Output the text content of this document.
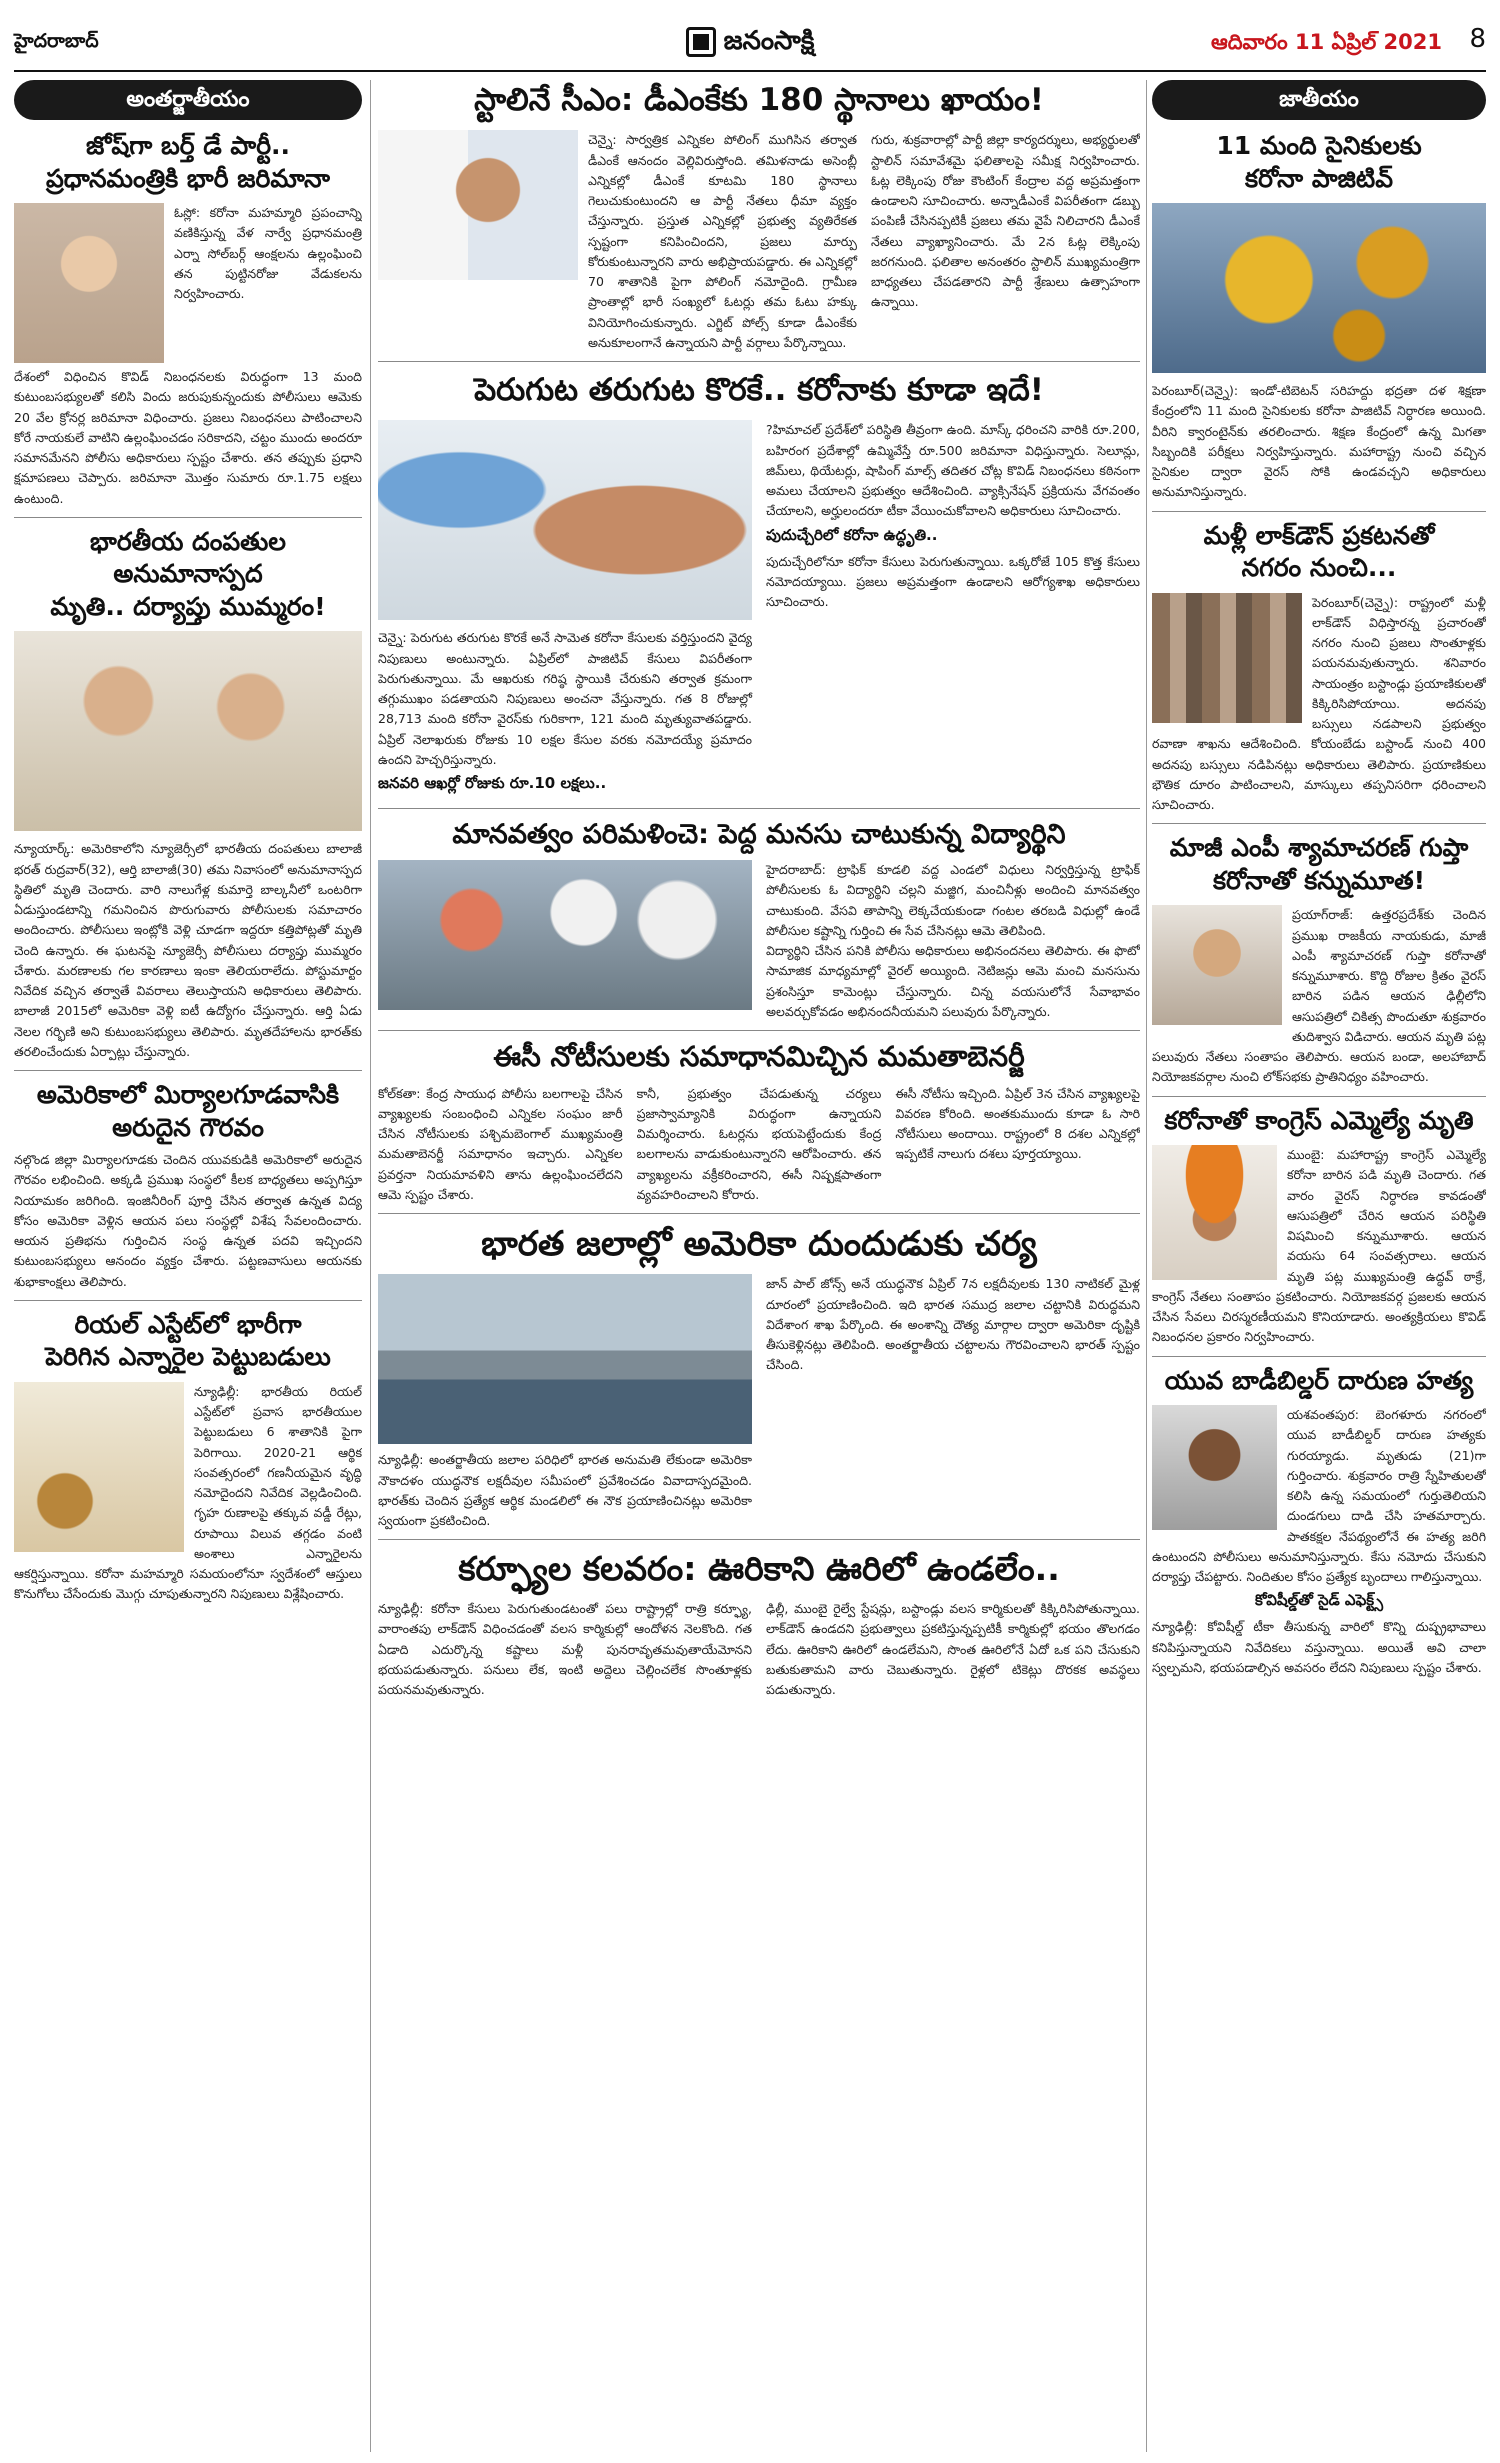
హైదరాబాద్	జనంసాక్షి	ఆదివారం 11 ఏప్రిల్ 2021 8
అంతర్జాతీయం
జోష్‌గా బర్త్ డే పార్టీ..
ప్రధానమంత్రికి భారీ జరిమానా
ఓస్లో: కరోనా మహమ్మారి ప్రపంచాన్ని వణికిస్తున్న వేళ నార్వే ప్రధానమంత్రి ఎర్నా సోల్‌బర్గ్ ఆంక్షలను ఉల్లంఘించి తన పుట్టినరోజు వేడుకలను నిర్వహించారు.
దేశంలో విధించిన కొవిడ్ నిబంధనలకు విరుద్ధంగా 13 మంది కుటుంబసభ్యులతో కలిసి విందు జరుపుకున్నందుకు పోలీసులు ఆమెకు 20 వేల క్రోనర్ల జరిమానా విధించారు. ప్రజలు నిబంధనలు పాటించాలని కోరే నాయకులే వాటిని ఉల్లంఘించడం సరికాదని, చట్టం ముందు అందరూ సమానమేనని పోలీసు అధికారులు స్పష్టం చేశారు. తన తప్పుకు ప్రధాని క్షమాపణలు చెప్పారు. జరిమానా మొత్తం సుమారు రూ.1.75 లక్షలు ఉంటుంది.
భారతీయ దంపతుల అనుమానాస్పద
మృతి.. దర్యాప్తు ముమ్మరం!
న్యూయార్క్: అమెరికాలోని న్యూజెర్సీలో భారతీయ దంపతులు బాలాజీ భరత్ రుద్రవార్(32), ఆర్తి బాలాజీ(30) తమ నివాసంలో అనుమానాస్పద స్థితిలో మృతి చెందారు. వారి నాలుగేళ్ల కుమార్తె బాల్కనీలో ఒంటరిగా ఏడుస్తుండటాన్ని గమనించిన పొరుగువారు పోలీసులకు సమాచారం అందించారు. పోలీసులు ఇంట్లోకి వెళ్లి చూడగా ఇద్దరూ కత్తిపోట్లతో మృతి చెంది ఉన్నారు. ఈ ఘటనపై న్యూజెర్సీ పోలీసులు దర్యాప్తు ముమ్మరం చేశారు. మరణాలకు గల కారణాలు ఇంకా తెలియరాలేదు. పోస్టుమార్టం నివేదిక వచ్చిన తర్వాతే వివరాలు తెలుస్తాయని అధికారులు తెలిపారు. బాలాజీ 2015లో అమెరికా వెళ్లి ఐటీ ఉద్యోగం చేస్తున్నారు. ఆర్తి ఏడు నెలల గర్భిణి అని కుటుంబసభ్యులు తెలిపారు. మృతదేహాలను భారత్‌కు తరలించేందుకు ఏర్పాట్లు చేస్తున్నారు.
అమెరికాలో మిర్యాలగూడవాసికి
అరుదైన గౌరవం
నల్గొండ జిల్లా మిర్యాలగూడకు చెందిన యువకుడికి అమెరికాలో అరుదైన గౌరవం లభించింది. అక్కడి ప్రముఖ సంస్థలో కీలక బాధ్యతలు అప్పగిస్తూ నియామకం జరిగింది. ఇంజినీరింగ్ పూర్తి చేసిన తర్వాత ఉన్నత విద్య కోసం అమెరికా వెళ్లిన ఆయన పలు సంస్థల్లో విశేష సేవలందించారు. ఆయన ప్రతిభను గుర్తించిన సంస్థ ఉన్నత పదవి ఇచ్చిందని కుటుంబసభ్యులు ఆనందం వ్యక్తం చేశారు. పట్టణవాసులు ఆయనకు శుభాకాంక్షలు తెలిపారు.
రియల్ ఎస్టేట్‌లో భారీగా
పెరిగిన ఎన్నారైల పెట్టుబడులు
న్యూఢిల్లీ: భారతీయ రియల్ ఎస్టేట్‌లో ప్రవాస భారతీయుల పెట్టుబడులు 6 శాతానికి పైగా పెరిగాయి. 2020-21 ఆర్థిక సంవత్సరంలో గణనీయమైన వృద్ధి నమోదైందని నివేదిక వెల్లడించింది. గృహ రుణాలపై తక్కువ వడ్డీ రేట్లు, రూపాయి విలువ తగ్గడం వంటి అంశాలు ఎన్నారైలను ఆకర్షిస్తున్నాయి. కరోనా మహమ్మారి సమయంలోనూ స్వదేశంలో ఆస్తులు కొనుగోలు చేసేందుకు మొగ్గు చూపుతున్నారని నిపుణులు విశ్లేషించారు.
స్టాలినే సీఎం: డీఎంకేకు 180 స్థానాలు ఖాయం!
చెన్నై: సార్వత్రిక ఎన్నికల పోలింగ్ ముగిసిన తర్వాత డీఎంకే ఆనందం వెల్లివిరుస్తోంది. తమిళనాడు అసెంబ్లీ ఎన్నికల్లో డీఎంకే కూటమి 180 స్థానాలు గెలుచుకుంటుందని ఆ పార్టీ నేతలు ధీమా వ్యక్తం చేస్తున్నారు. ప్రస్తుత ఎన్నికల్లో ప్రభుత్వ వ్యతిరేకత స్పష్టంగా కనిపించిందని, ప్రజలు మార్పు కోరుకుంటున్నారని వారు అభిప్రాయపడ్డారు. ఈ ఎన్నికల్లో 70 శాతానికి పైగా పోలింగ్ నమోదైంది. గ్రామీణ ప్రాంతాల్లో భారీ సంఖ్యలో ఓటర్లు తమ ఓటు హక్కు వినియోగించుకున్నారు. ఎగ్జిట్ పోల్స్ కూడా డీఎంకేకు అనుకూలంగానే ఉన్నాయని పార్టీ వర్గాలు పేర్కొన్నాయి.
గురు, శుక్రవారాల్లో పార్టీ జిల్లా కార్యదర్శులు, అభ్యర్థులతో స్టాలిన్ సమావేశమై ఫలితాలపై సమీక్ష నిర్వహించారు. ఓట్ల లెక్కింపు రోజు కౌంటింగ్ కేంద్రాల వద్ద అప్రమత్తంగా ఉండాలని సూచించారు. అన్నాడీఎంకే విపరీతంగా డబ్బు పంపిణీ చేసినప్పటికీ ప్రజలు తమ వైపే నిలిచారని డీఎంకే నేతలు వ్యాఖ్యానించారు. మే 2న ఓట్ల లెక్కింపు జరగనుంది. ఫలితాల అనంతరం స్టాలిన్ ముఖ్యమంత్రిగా బాధ్యతలు చేపడతారని పార్టీ శ్రేణులు ఉత్సాహంగా ఉన్నాయి.
పెరుగుట తరుగుట కొరకే.. కరోనాకు కూడా ఇదే!
చెన్నై: పెరుగుట తరుగుట కొరకే అనే సామెత కరోనా కేసులకు వర్తిస్తుందని వైద్య నిపుణులు అంటున్నారు. ఏప్రిల్‌లో పాజిటివ్ కేసులు విపరీతంగా పెరుగుతున్నాయి. మే ఆఖరుకు గరిష్ఠ స్థాయికి చేరుకుని తర్వాత క్రమంగా తగ్గుముఖం పడతాయని నిపుణులు అంచనా వేస్తున్నారు. గత 8 రోజుల్లో 28,713 మంది కరోనా వైరస్‌కు గురికాగా, 121 మంది మృత్యువాతపడ్డారు. ఏప్రిల్ నెలాఖరుకు రోజుకు 10 లక్షల కేసుల వరకు నమోదయ్యే ప్రమాదం ఉందని హెచ్చరిస్తున్నారు.
జనవరి ఆఖర్లో రోజుకు రూ.10 లక్షలు..
?హిమాచల్‌ ప్రదేశ్‌లో పరిస్థితి తీవ్రంగా ఉంది. మాస్క్ ధరించని వారికి రూ.200, బహిరంగ ప్రదేశాల్లో ఉమ్మివేస్తే రూ.500 జరిమానా విధిస్తున్నారు. సెలూన్లు, జిమ్‌లు, థియేటర్లు, షాపింగ్ మాల్స్ తదితర చోట్ల కొవిడ్ నిబంధనలు కఠినంగా అమలు చేయాలని ప్రభుత్వం ఆదేశించింది. వ్యాక్సినేషన్ ప్రక్రియను వేగవంతం చేయాలని, అర్హులందరూ టీకా వేయించుకోవాలని అధికారులు సూచించారు.
పుదుచ్చేరిలో కరోనా ఉద్ధృతి..
పుదుచ్చేరిలోనూ కరోనా కేసులు పెరుగుతున్నాయి. ఒక్కరోజే 105 కొత్త కేసులు నమోదయ్యాయి. ప్రజలు అప్రమత్తంగా ఉండాలని ఆరోగ్యశాఖ అధికారులు సూచించారు.
మానవత్వం పరిమళించె: పెద్ద మనసు చాటుకున్న విద్యార్థిని
హైదరాబాద్: ట్రాఫిక్ కూడలి వద్ద ఎండలో విధులు నిర్వర్తిస్తున్న ట్రాఫిక్ పోలీసులకు ఓ విద్యార్థిని చల్లని మజ్జిగ, మంచినీళ్లు అందించి మానవత్వం చాటుకుంది. వేసవి తాపాన్ని లెక్కచేయకుండా గంటల తరబడి విధుల్లో ఉండే పోలీసుల కష్టాన్ని గుర్తించి ఈ సేవ చేసినట్లు ఆమె తెలిపింది.
విద్యార్థిని చేసిన పనికి పోలీసు అధికారులు అభినందనలు తెలిపారు. ఈ ఫొటో సామాజిక మాధ్యమాల్లో వైరల్ అయ్యింది. నెటిజన్లు ఆమె మంచి మనసును ప్రశంసిస్తూ కామెంట్లు చేస్తున్నారు. చిన్న వయసులోనే సేవాభావం అలవర్చుకోవడం అభినందనీయమని పలువురు పేర్కొన్నారు.
ఈసీ నోటీసులకు సమాధానమిచ్చిన మమతాబెనర్జీ
కోల్‌కతా: కేంద్ర సాయుధ పోలీసు బలగాలపై చేసిన వ్యాఖ్యలకు సంబంధించి ఎన్నికల సంఘం జారీ చేసిన నోటీసులకు పశ్చిమబెంగాల్ ముఖ్యమంత్రి మమతాబెనర్జీ సమాధానం ఇచ్చారు. ఎన్నికల ప్రవర్తనా నియమావళిని తాను ఉల్లంఘించలేదని ఆమె స్పష్టం చేశారు.
కానీ, ప్రభుత్వం చేపడుతున్న చర్యలు ప్రజాస్వామ్యానికి విరుద్ధంగా ఉన్నాయని విమర్శించారు. ఓటర్లను భయపెట్టేందుకు కేంద్ర బలగాలను వాడుకుంటున్నారని ఆరోపించారు. తన వ్యాఖ్యలను వక్రీకరించారని, ఈసీ నిష్పక్షపాతంగా వ్యవహరించాలని కోరారు.
ఈసీ నోటీసు ఇచ్చింది. ఏప్రిల్ 3న చేసిన వ్యాఖ్యలపై వివరణ కోరింది. అంతకుముందు కూడా ఓ సారి నోటీసులు అందాయి. రాష్ట్రంలో 8 దశల ఎన్నికల్లో ఇప్పటికే నాలుగు దశలు పూర్తయ్యాయి.
భారత జలాల్లో అమెరికా దుందుడుకు చర్య
న్యూఢిల్లీ: అంతర్జాతీయ జలాల పరిధిలో భారత అనుమతి లేకుండా అమెరికా నౌకాదళం యుద్ధనౌక లక్షదీవుల సమీపంలో ప్రవేశించడం వివాదాస్పదమైంది. భారత్‌కు చెందిన ప్రత్యేక ఆర్థిక మండలిలో ఈ నౌక ప్రయాణించినట్లు అమెరికా స్వయంగా ప్రకటించింది.
జాన్ పాల్ జోన్స్ అనే యుద్ధనౌక ఏప్రిల్ 7న లక్షదీవులకు 130 నాటికల్ మైళ్ల దూరంలో ప్రయాణించింది. ఇది భారత సముద్ర జలాల చట్టానికి విరుద్ధమని విదేశాంగ శాఖ పేర్కొంది. ఈ అంశాన్ని దౌత్య మార్గాల ద్వారా అమెరికా దృష్టికి తీసుకెళ్లినట్లు తెలిపింది. అంతర్జాతీయ చట్టాలను గౌరవించాలని భారత్ స్పష్టం చేసింది.
కర్ఫ్యూల కలవరం: ఊరికాని ఊరిలో ఉండలేం..
న్యూఢిల్లీ: కరోనా కేసులు పెరుగుతుండటంతో పలు రాష్ట్రాల్లో రాత్రి కర్ఫ్యూ, వారాంతపు లాక్‌డౌన్ విధించడంతో వలస కార్మికుల్లో ఆందోళన నెలకొంది. గత ఏడాది ఎదుర్కొన్న కష్టాలు మళ్లీ పునరావృతమవుతాయేమోనని భయపడుతున్నారు. పనులు లేక, ఇంటి అద్దెలు చెల్లించలేక సొంతూళ్లకు పయనమవుతున్నారు.
ఢిల్లీ, ముంబై రైల్వే స్టేషన్లు, బస్టాండ్లు వలస కార్మికులతో కిక్కిరిసిపోతున్నాయి. లాక్‌డౌన్ ఉండదని ప్రభుత్వాలు ప్రకటిస్తున్నప్పటికీ కార్మికుల్లో భయం తొలగడం లేదు. ఊరికాని ఊరిలో ఉండలేమని, సొంత ఊరిలోనే ఏదో ఒక పని చేసుకుని బతుకుతామని వారు చెబుతున్నారు. రైళ్లలో టికెట్లు దొరకక అవస్థలు పడుతున్నారు.
జాతీయం
11 మంది సైనికులకు
కరోనా పాజిటివ్
పెరంబూర్(చెన్నై): ఇండో-టిబెటన్ సరిహద్దు భద్రతా దళ శిక్షణా కేంద్రంలోని 11 మంది సైనికులకు కరోనా పాజిటివ్ నిర్ధారణ అయింది. వీరిని క్వారంటైన్‌కు తరలించారు. శిక్షణ కేంద్రంలో ఉన్న మిగతా సిబ్బందికి పరీక్షలు నిర్వహిస్తున్నారు. మహారాష్ట్ర నుంచి వచ్చిన సైనికుల ద్వారా వైరస్ సోకి ఉండవచ్చని అధికారులు అనుమానిస్తున్నారు.
మళ్లీ లాక్‌డౌన్ ప్రకటనతో
నగరం నుంచి...
పెరంబూర్(చెన్నై): రాష్ట్రంలో మళ్లీ లాక్‌డౌన్ విధిస్తారన్న ప్రచారంతో నగరం నుంచి ప్రజలు సొంతూళ్లకు పయనమవుతున్నారు. శనివారం సాయంత్రం బస్టాండ్లు ప్రయాణికులతో కిక్కిరిసిపోయాయి. అదనపు బస్సులు నడపాలని ప్రభుత్వం రవాణా శాఖను ఆదేశించింది. కోయంబేడు బస్టాండ్ నుంచి 400 అదనపు బస్సులు నడిపినట్లు అధికారులు తెలిపారు. ప్రయాణికులు భౌతిక దూరం పాటించాలని, మాస్కులు తప్పనిసరిగా ధరించాలని సూచించారు.
మాజీ ఎంపీ శ్యామాచరణ్ గుప్తా
కరోనాతో కన్నుమూత!
ప్రయాగ్‌రాజ్: ఉత్తరప్రదేశ్‌కు చెందిన ప్రముఖ రాజకీయ నాయకుడు, మాజీ ఎంపీ శ్యామాచరణ్ గుప్తా కరోనాతో కన్నుమూశారు. కొద్ది రోజుల క్రితం వైరస్ బారిన పడిన ఆయన ఢిల్లీలోని ఆసుపత్రిలో చికిత్స పొందుతూ శుక్రవారం తుదిశ్వాస విడిచారు. ఆయన మృతి పట్ల పలువురు నేతలు సంతాపం తెలిపారు. ఆయన బండా, అలహాబాద్ నియోజకవర్గాల నుంచి లోక్‌సభకు ప్రాతినిధ్యం వహించారు.
కరోనాతో కాంగ్రెస్ ఎమ్మెల్యే మృతి
ముంబై: మహారాష్ట్ర కాంగ్రెస్ ఎమ్మెల్యే కరోనా బారిన పడి మృతి చెందారు. గత వారం వైరస్ నిర్ధారణ కావడంతో ఆసుపత్రిలో చేరిన ఆయన పరిస్థితి విషమించి కన్నుమూశారు. ఆయన వయసు 64 సంవత్సరాలు. ఆయన మృతి పట్ల ముఖ్యమంత్రి ఉద్ధవ్ ఠాక్రే, కాంగ్రెస్ నేతలు సంతాపం ప్రకటించారు. నియోజకవర్గ ప్రజలకు ఆయన చేసిన సేవలు చిరస్మరణీయమని కొనియాడారు. అంత్యక్రియలు కొవిడ్ నిబంధనల ప్రకారం నిర్వహించారు.
యువ బాడీబిల్డర్ దారుణ హత్య
యశవంతపుర: బెంగళూరు నగరంలో యువ బాడీబిల్డర్ దారుణ హత్యకు గురయ్యాడు. మృతుడు (21)గా గుర్తించారు. శుక్రవారం రాత్రి స్నేహితులతో కలిసి ఉన్న సమయంలో గుర్తుతెలియని దుండగులు దాడి చేసి హతమార్చారు. పాతకక్షల నేపథ్యంలోనే ఈ హత్య జరిగి ఉంటుందని పోలీసులు అనుమానిస్తున్నారు. కేసు నమోదు చేసుకుని దర్యాప్తు చేపట్టారు. నిందితుల కోసం ప్రత్యేక బృందాలు గాలిస్తున్నాయి.
కోవిషీల్డ్‌తో సైడ్ ఎఫెక్ట్స్
న్యూఢిల్లీ: కోవిషీల్డ్ టీకా తీసుకున్న వారిలో కొన్ని దుష్ప్రభావాలు కనిపిస్తున్నాయని నివేదికలు వస్తున్నాయి. అయితే అవి చాలా స్వల్పమని, భయపడాల్సిన అవసరం లేదని నిపుణులు స్పష్టం చేశారు.
